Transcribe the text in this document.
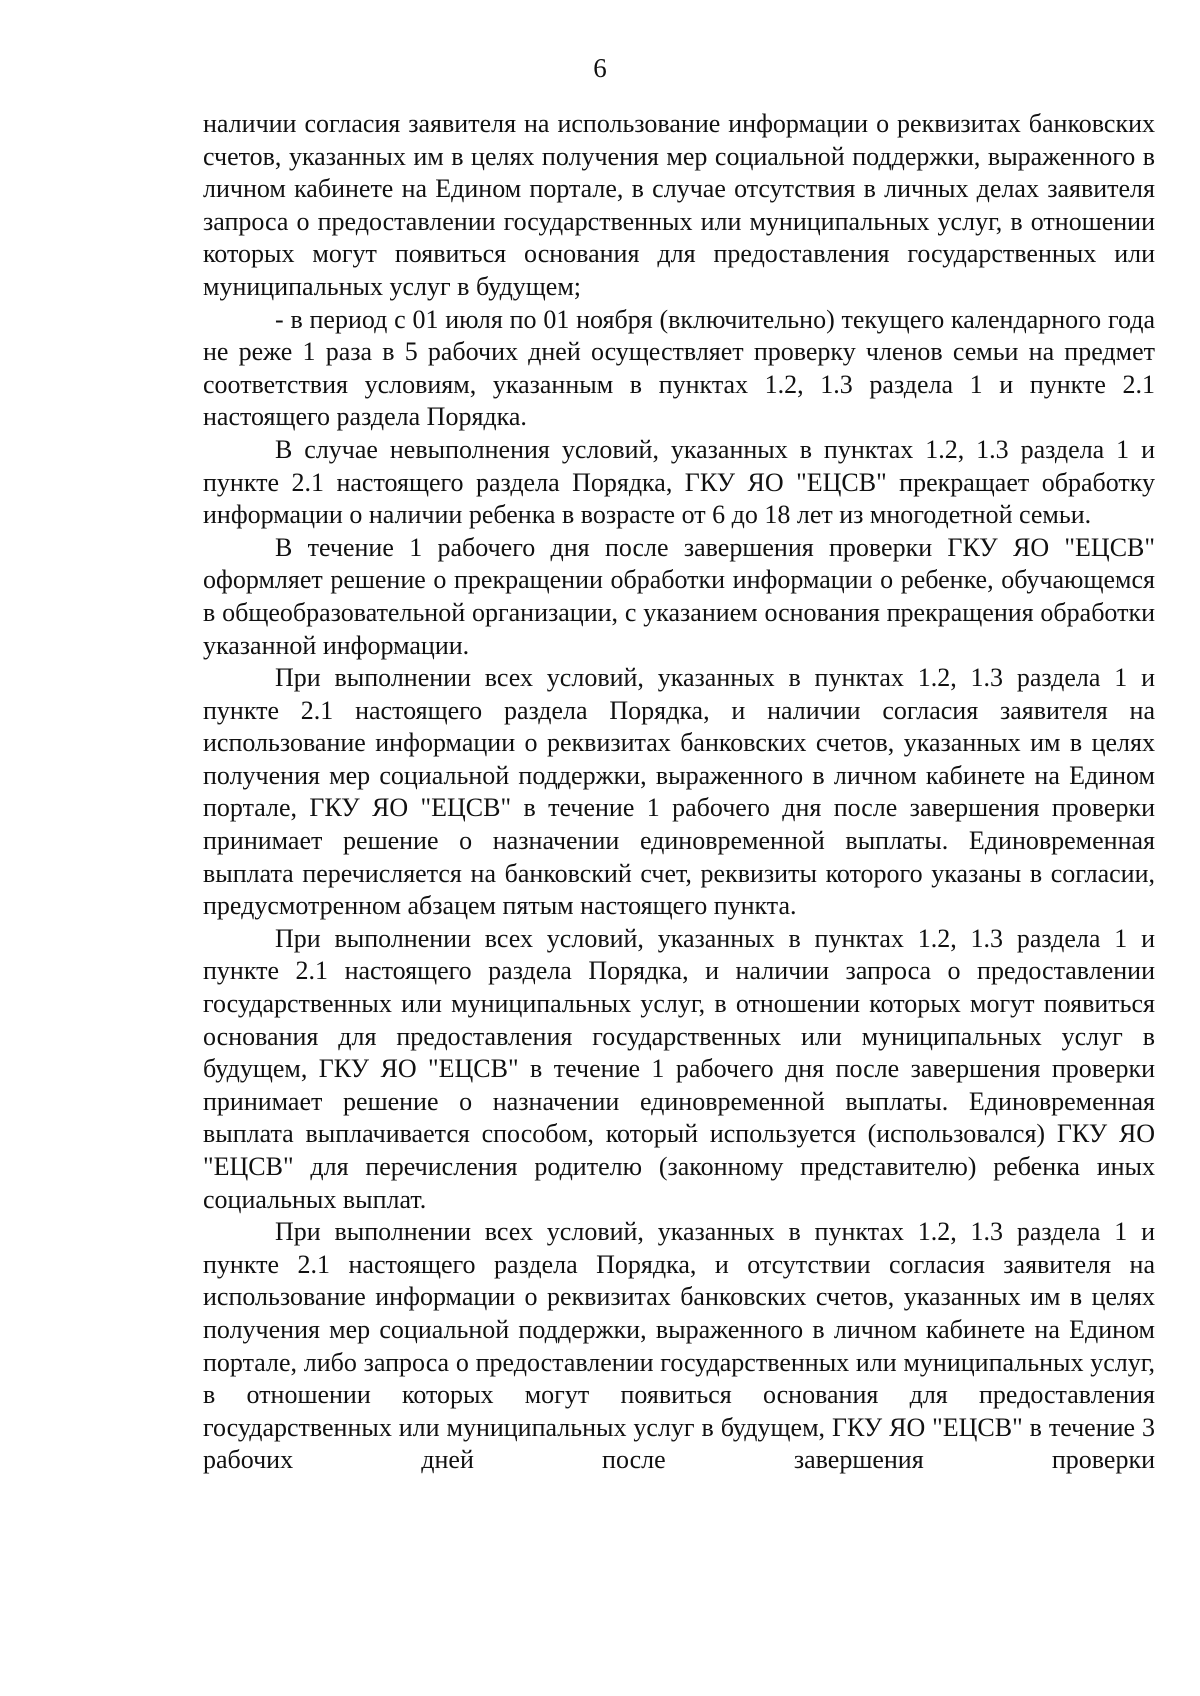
6

наличии согласия заявителя на использование информации о реквизитах банковских счетов, указанных им в целях получения мер социальной поддержки, выраженного в личном кабинете на Едином портале, в случае отсутствия в личных делах заявителя запроса о предоставлении государственных или муниципальных услуг, в отношении которых могут появиться основания для предоставления государственных или муниципальных услуг в будущем;

- в период с 01 июля по 01 ноября (включительно) текущего календарного года не реже 1 раза в 5 рабочих дней осуществляет проверку членов семьи на предмет соответствия условиям, указанным в пунктах 1.2, 1.3 раздела 1 и пункте 2.1 настоящего раздела Порядка.

В случае невыполнения условий, указанных в пунктах 1.2, 1.3 раздела 1 и пункте 2.1 настоящего раздела Порядка, ГКУ ЯО "ЕЦСВ" прекращает обработку информации о наличии ребенка в возрасте от 6 до 18 лет из многодетной семьи.

В течение 1 рабочего дня после завершения проверки ГКУ ЯО "ЕЦСВ" оформляет решение о прекращении обработки информации о ребенке, обучающемся в общеобразовательной организации, с указанием основания прекращения обработки указанной информации.

При выполнении всех условий, указанных в пунктах 1.2, 1.3 раздела 1 и пункте 2.1 настоящего раздела Порядка, и наличии согласия заявителя на использование информации о реквизитах банковских счетов, указанных им в целях получения мер социальной поддержки, выраженного в личном кабинете на Едином портале, ГКУ ЯО "ЕЦСВ" в течение 1 рабочего дня после завершения проверки принимает решение о назначении единовременной выплаты. Единовременная выплата перечисляется на банковский счет, реквизиты которого указаны в согласии, предусмотренном абзацем пятым настоящего пункта.

При выполнении всех условий, указанных в пунктах 1.2, 1.3 раздела 1 и пункте 2.1 настоящего раздела Порядка, и наличии запроса о предоставлении государственных или муниципальных услуг, в отношении которых могут появиться основания для предоставления государственных или муниципальных услуг в будущем, ГКУ ЯО "ЕЦСВ" в течение 1 рабочего дня после завершения проверки принимает решение о назначении единовременной выплаты. Единовременная выплата выплачивается способом, который используется (использовался) ГКУ ЯО "ЕЦСВ" для перечисления родителю (законному представителю) ребенка иных социальных выплат.

При выполнении всех условий, указанных в пунктах 1.2, 1.3 раздела 1 и пункте 2.1 настоящего раздела Порядка, и отсутствии согласия заявителя на использование информации о реквизитах банковских счетов, указанных им в целях получения мер социальной поддержки, выраженного в личном кабинете на Едином портале, либо запроса о предоставлении государственных или муниципальных услуг, в отношении которых могут появиться основания для предоставления государственных или муниципальных услуг в будущем, ГКУ ЯО "ЕЦСВ" в течение 3 рабочих дней после завершения проверки
